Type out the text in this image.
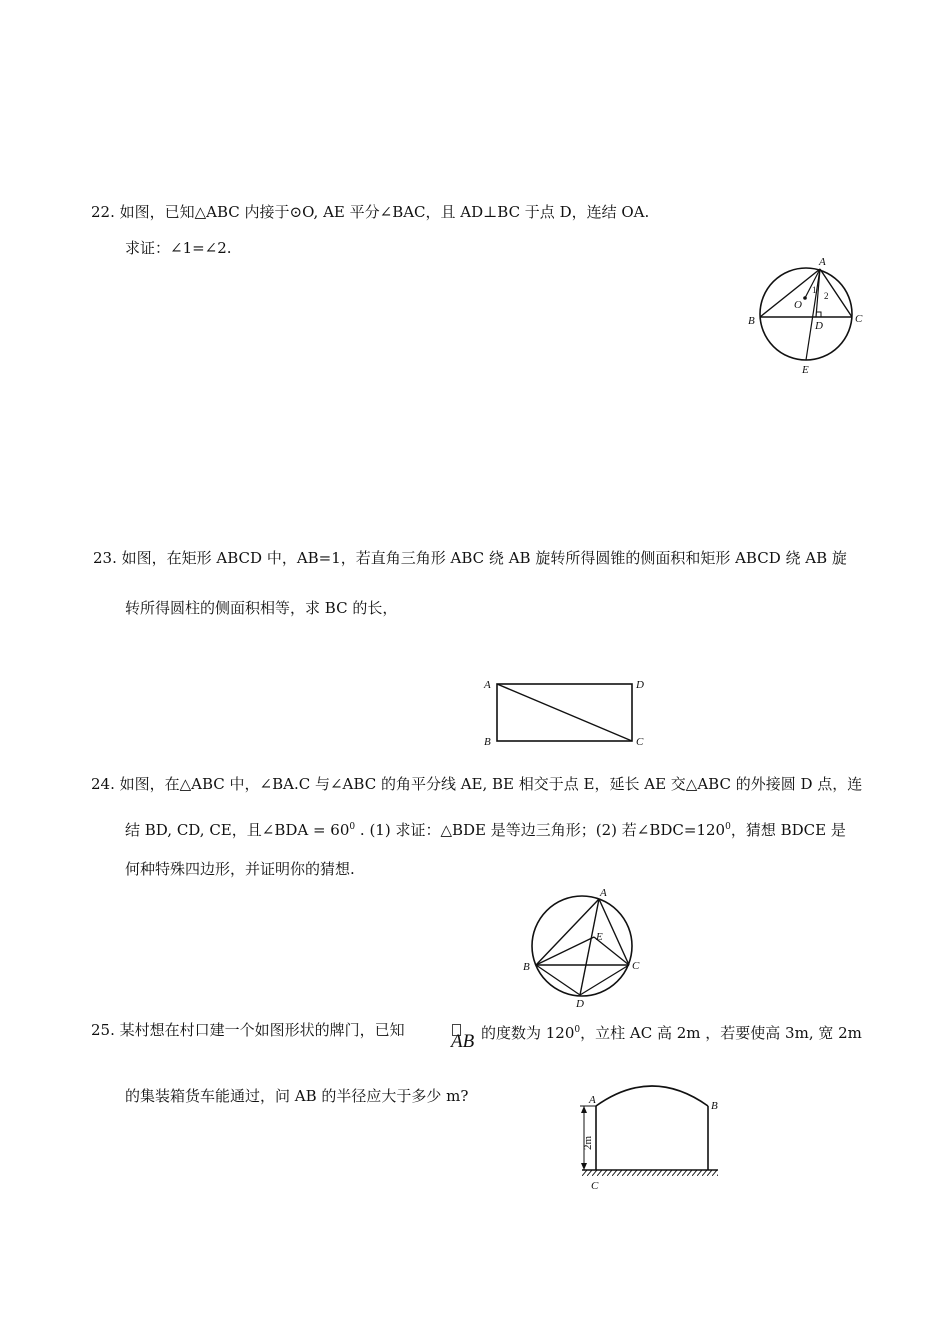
22. 如图，已知△ABC 内接于⊙O, AE 平分∠BAC，且 AD⊥BC 于点 D，连结 OA.
求证：∠1=∠2.
A
B	C
D
E
O
1
2
23. 如图，在矩形 ABCD 中，AB=1，若直角三角形 ABC 绕 AB 旋转所得圆锥的侧面积和矩形 ABCD 绕 AB 旋
转所得圆柱的侧面积相等，求 BC 的长，
A
B	C
D
24. 如图，在△ABC 中，∠BA.C 与∠ABC 的角平分线 AE, BE 相交于点 E，延长 AE 交△ABC 的外接圆 D 点，连
结 BD, CD, CE，且∠BDA = $60^0$ . (1) 求证：△BDE 是等边三角形；(2) 若$\angle BDC=120^0$，猜想 BDCE 是
何种特殊四边形，并证明你的猜想.
A
B	C
D
E
25. 某村想在村口建一个如图形状的牌门，已知
AB 的度数为 $120^0$，立柱 AC 高 2m ，若要使高 3m, 宽 2m
的集装箱货车能通过，问 AB 的半径应大于多少 m?
2m
A	B
C
